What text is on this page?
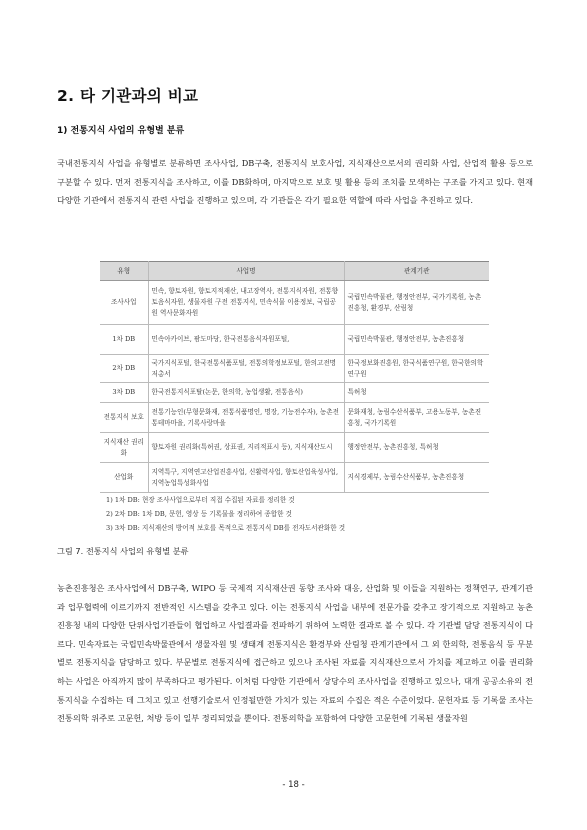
2. 타 기관과의 비교
1) 전통지식 사업의 유형별 분류

국내전통지식 사업을 유형별로 분류하면 조사사업, DB구축, 전통지식 보호사업, 지식재산으로서의 권리화 사업, 산업적 활용 등으로 구분할 수 있다. 먼저 전통지식을 조사하고, 이를 DB화하며, 마지막으로 보호 및 활용 등의 조치를 모색하는 구조를 가지고 있다. 현재 다양한 기관에서 전통지식 관련 사업을 진행하고 있으며, 각 기관들은 각기 필요한 역할에 따라 사업을 추진하고 있다.

유형	사업명	관계기관
조사사업	민속, 향토자원, 향토지적재산, 내고장역사, 전통지식자원, 전통향토음식자원, 생물자원 구전 전통지식, 민속식물 이용정보, 국립공원 역사문화자원	국립민속박물관, 행정안전부, 국가기록원, 농촌진흥청, 환경부, 산림청
1차 DB	민속아카이브, 팜도마당, 한국전통음식자원포털,	국립민속박물관, 행정안전부, 농촌진흥청
2차 DB	국가지식포털, 한국전통식품포털, 전통의학정보포털, 한의고전명저총서	한국정보화진흥원, 한국식품연구원, 한국한의학연구원
3차 DB	한국전통지식포탈(논문, 한의학, 농업생활, 전통음식)	특허청
전통지식 보호	전통기능인(무형문화재, 전통식품명인, 명장, 기능전수자), 농촌전통테마마을, 기록사랑마을	문화재청, 농림수산식품부, 고용노동부, 농촌진흥청, 국가기록원
지식재산 권리화	향토자원 권리화(특허권, 상표권, 지리적표시 등), 지식재산도시	행정안전부, 농촌진흥청, 특허청
산업화	지역특구, 지역연고산업진흥사업, 신활력사업, 향토산업육성사업, 지역농업특성화사업	지식경제부, 농림수산식품부, 농촌진흥청
1) 1차 DB: 현장 조사사업으로부터 직접 수집된 자료를 정리한 것
2) 2차 DB: 1차 DB, 문헌, 영상 등 기록물을 정리하여 종합한 것
3) 3차 DB: 지식재산의 방어적 보호를 목적으로 전통지식 DB를 전자도서관화한 것

그림 7. 전통지식 사업의 유형별 분류

농촌진흥청은 조사사업에서 DB구축, WIPO 등 국제적 지식재산권 동향 조사와 대응, 산업화 및 이들을 지원하는 정책연구, 관계기관과 업무협력에 이르기까지 전반적인 시스템을 갖추고 있다. 이는 전통지식 사업을 내부에 전문가를 갖추고 장기적으로 지원하고 농촌진흥청 내의 다양한 단위사업기관들이 협업하고 사업결과를 전파하기 위하여 노력한 결과로 볼 수 있다. 각 기관별 담당 전통지식이 다르다. 민속자료는 국립민속박물관에서 생물자원 및 생태계 전통지식은 환경부와 산림청 관계기관에서 그 외 한의학, 전통음식 등 무분별로 전통지식을 담당하고 있다. 부문별로 전통지식에 접근하고 있으나 조사된 자료를 지식재산으로서 가치를 제고하고 이를 권리화 하는 사업은 아직까지 많이 부족하다고 평가된다. 이처럼 다양한 기관에서 상당수의 조사사업을 진행하고 있으나, 대개 공공소유의 전통지식을 수집하는 데 그치고 있고 선행기술로서 인정될만한 가치가 있는 자료의 수집은 적은 수준이었다. 문헌자료 등 기록물 조사는 전통의학 위주로 고문헌, 처방 등이 일부 정리되었을 뿐이다. 전통의학을 포함하여 다양한 고문헌에 기록된 생물자원

- 18 -
